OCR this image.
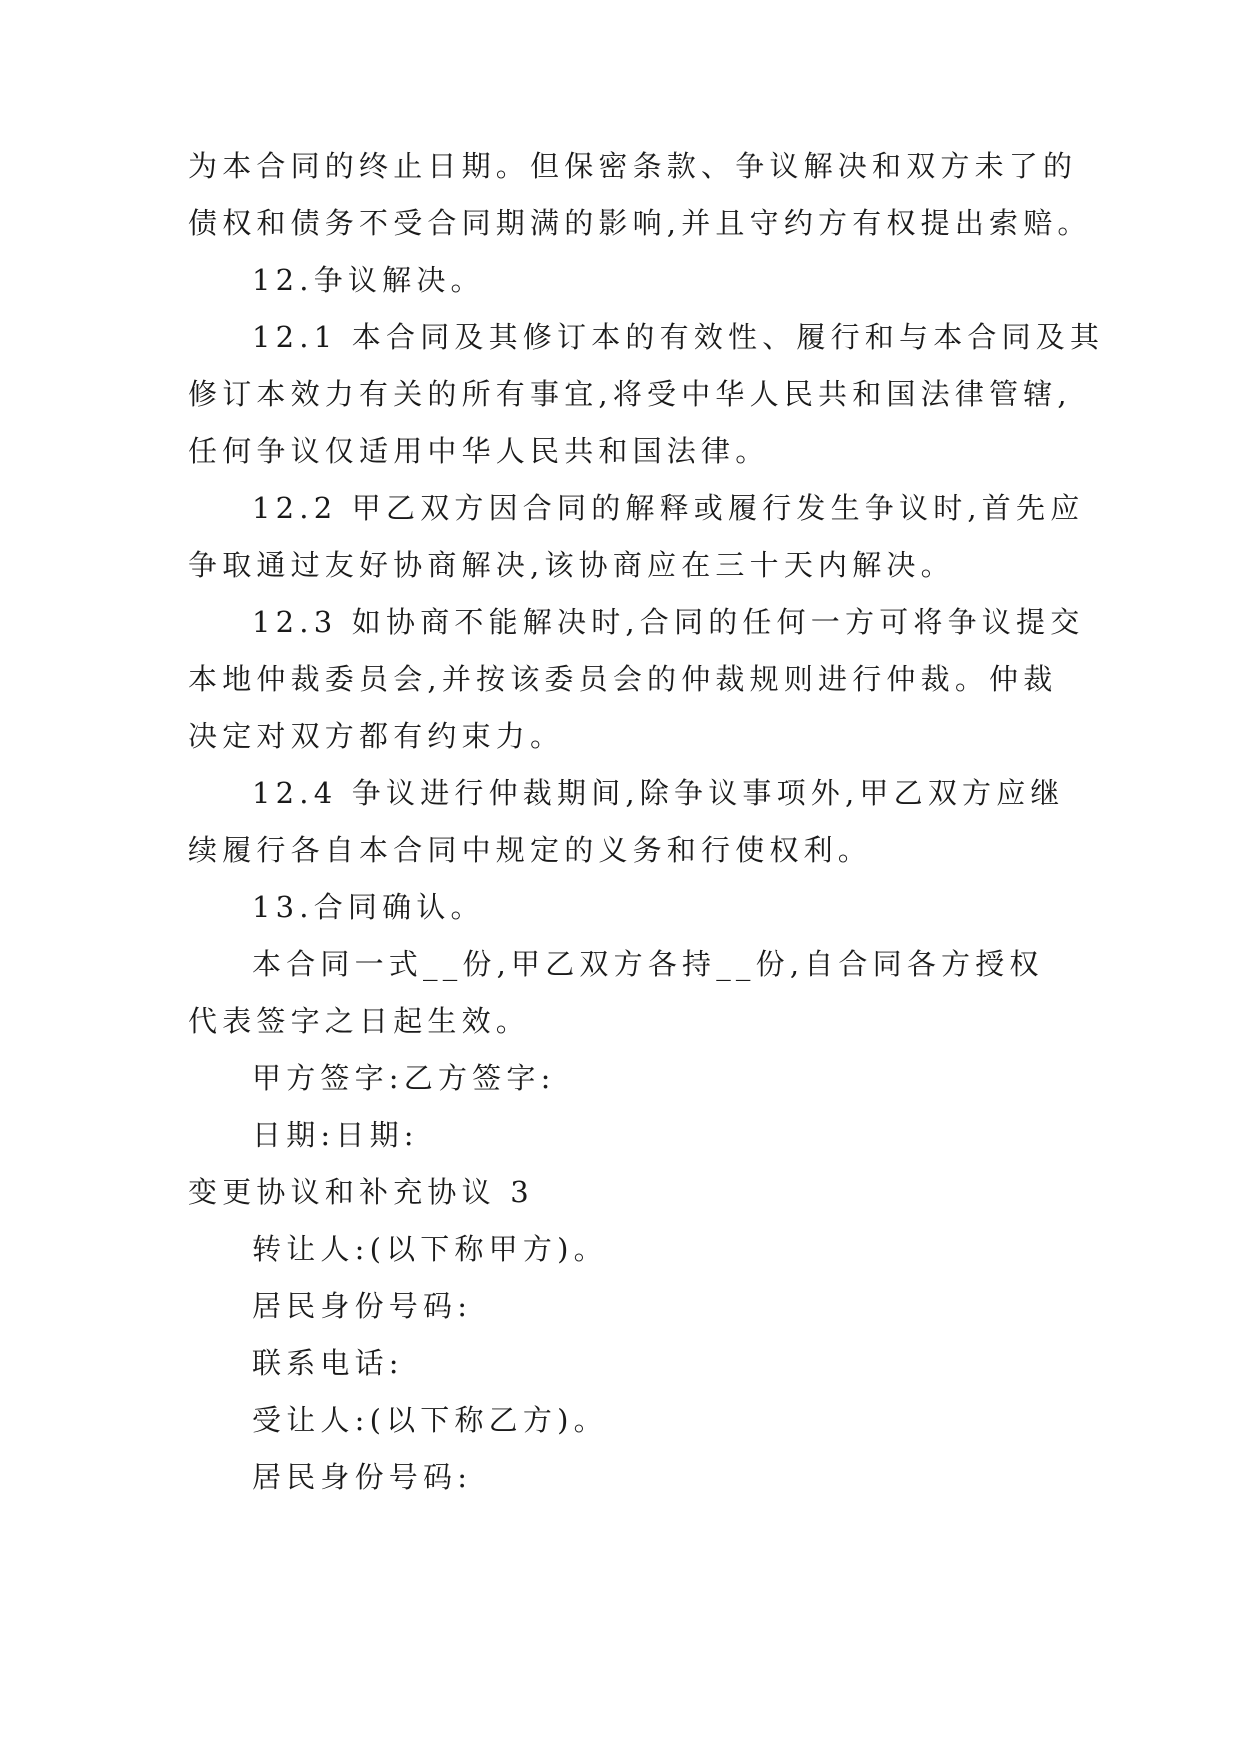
为本合同的终止日期。但保密条款、争议解决和双方未了的

债权和债务不受合同期满的影响,并且守约方有权提出索赔。

12.争议解决。

12.1 本合同及其修订本的有效性、履行和与本合同及其

修订本效力有关的所有事宜,将受中华人民共和国法律管辖,

任何争议仅适用中华人民共和国法律。

12.2 甲乙双方因合同的解释或履行发生争议时,首先应

争取通过友好协商解决,该协商应在三十天内解决。

12.3 如协商不能解决时,合同的任何一方可将争议提交

本地仲裁委员会,并按该委员会的仲裁规则进行仲裁。仲裁

决定对双方都有约束力。

12.4 争议进行仲裁期间,除争议事项外,甲乙双方应继

续履行各自本合同中规定的义务和行使权利。

13.合同确认。

本合同一式__份,甲乙双方各持__份,自合同各方授权

代表签字之日起生效。

甲方签字:乙方签字:

日期:日期:

变更协议和补充协议 3

转让人:(以下称甲方)。

居民身份号码:

联系电话:

受让人:(以下称乙方)。

居民身份号码:
